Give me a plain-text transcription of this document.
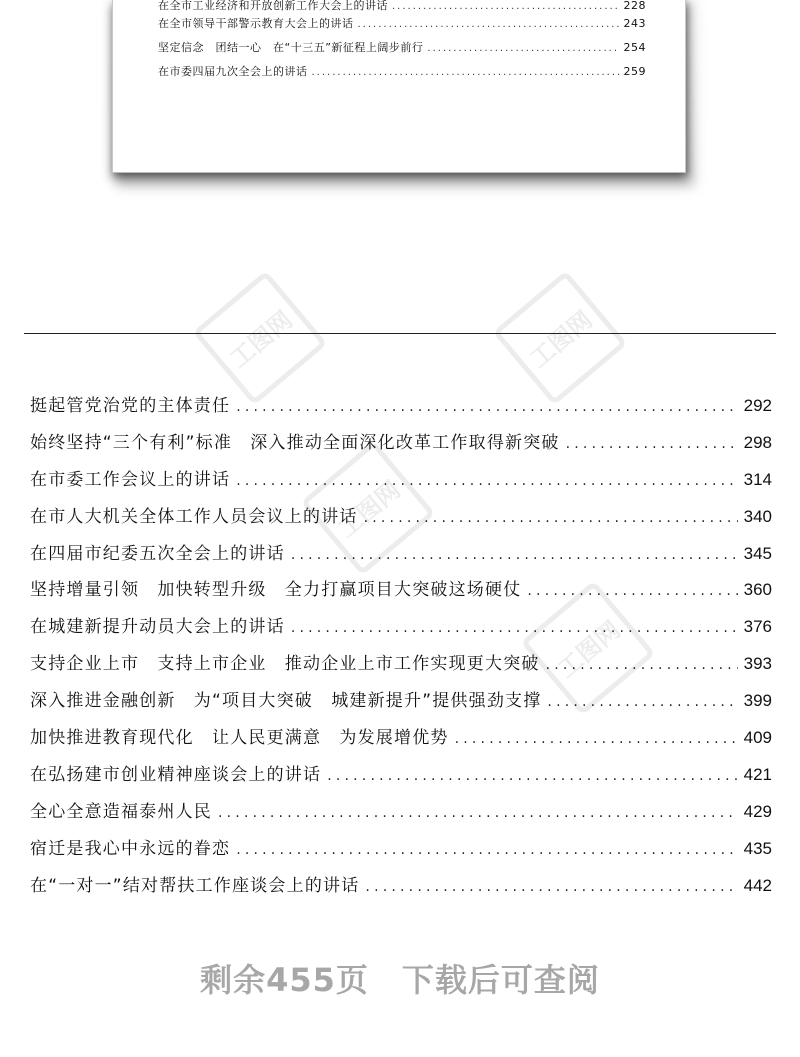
工图网	工图网
工图网
工图网
在全市工业经济和开放创新工作大会上的讲话 .....	228
在全市领导干部警示教育大会上的讲话 .....	243
坚定信念　团结一心　在“十三五”新征程上阔步前行 .....	254
在市委四届九次全会上的讲话 .....	259
挺起管党治党的主体责任 .....	292
始终坚持“三个有利”标准　深入推动全面深化改革工作取得新突破 .....	298
在市委工作会议上的讲话 .....	314
在市人大机关全体工作人员会议上的讲话 .....	340
在四届市纪委五次全会上的讲话 .....	345
坚持增量引领　加快转型升级　全力打赢项目大突破这场硬仗 .....	360
在城建新提升动员大会上的讲话 .....	376
支持企业上市　支持上市企业　推动企业上市工作实现更大突破 .....	393
深入推进金融创新　为“项目大突破　城建新提升”提供强劲支撑 .....	399
加快推进教育现代化　让人民更满意　为发展增优势 .....	409
在弘扬建市创业精神座谈会上的讲话 .....	421
全心全意造福泰州人民 .....	429
宿迁是我心中永远的眷恋 .....	435
在“一对一”结对帮扶工作座谈会上的讲话 .....	442
剩余455页　下载后可查阅
